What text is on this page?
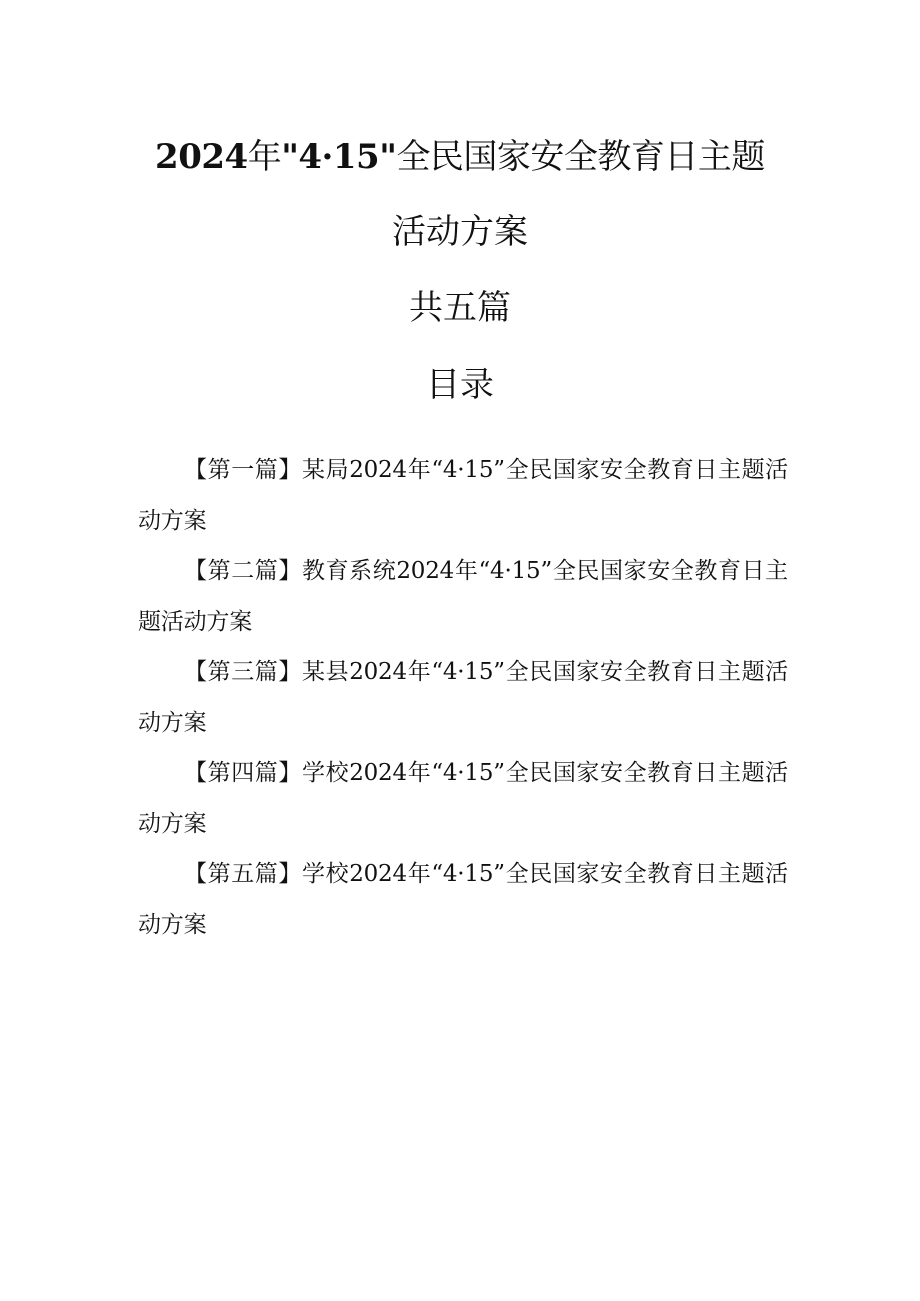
2024年"4·15"全民国家安全教育日主题
活动方案
共五篇
目录
【第一篇】某局2024年“4·15”全民国家安全教育日主题活动方案
【第二篇】教育系统2024年“4·15”全民国家安全教育日主题活动方案
【第三篇】某县2024年“4·15”全民国家安全教育日主题活动方案
【第四篇】学校2024年“4·15”全民国家安全教育日主题活动方案
【第五篇】学校2024年“4·15”全民国家安全教育日主题活动方案
